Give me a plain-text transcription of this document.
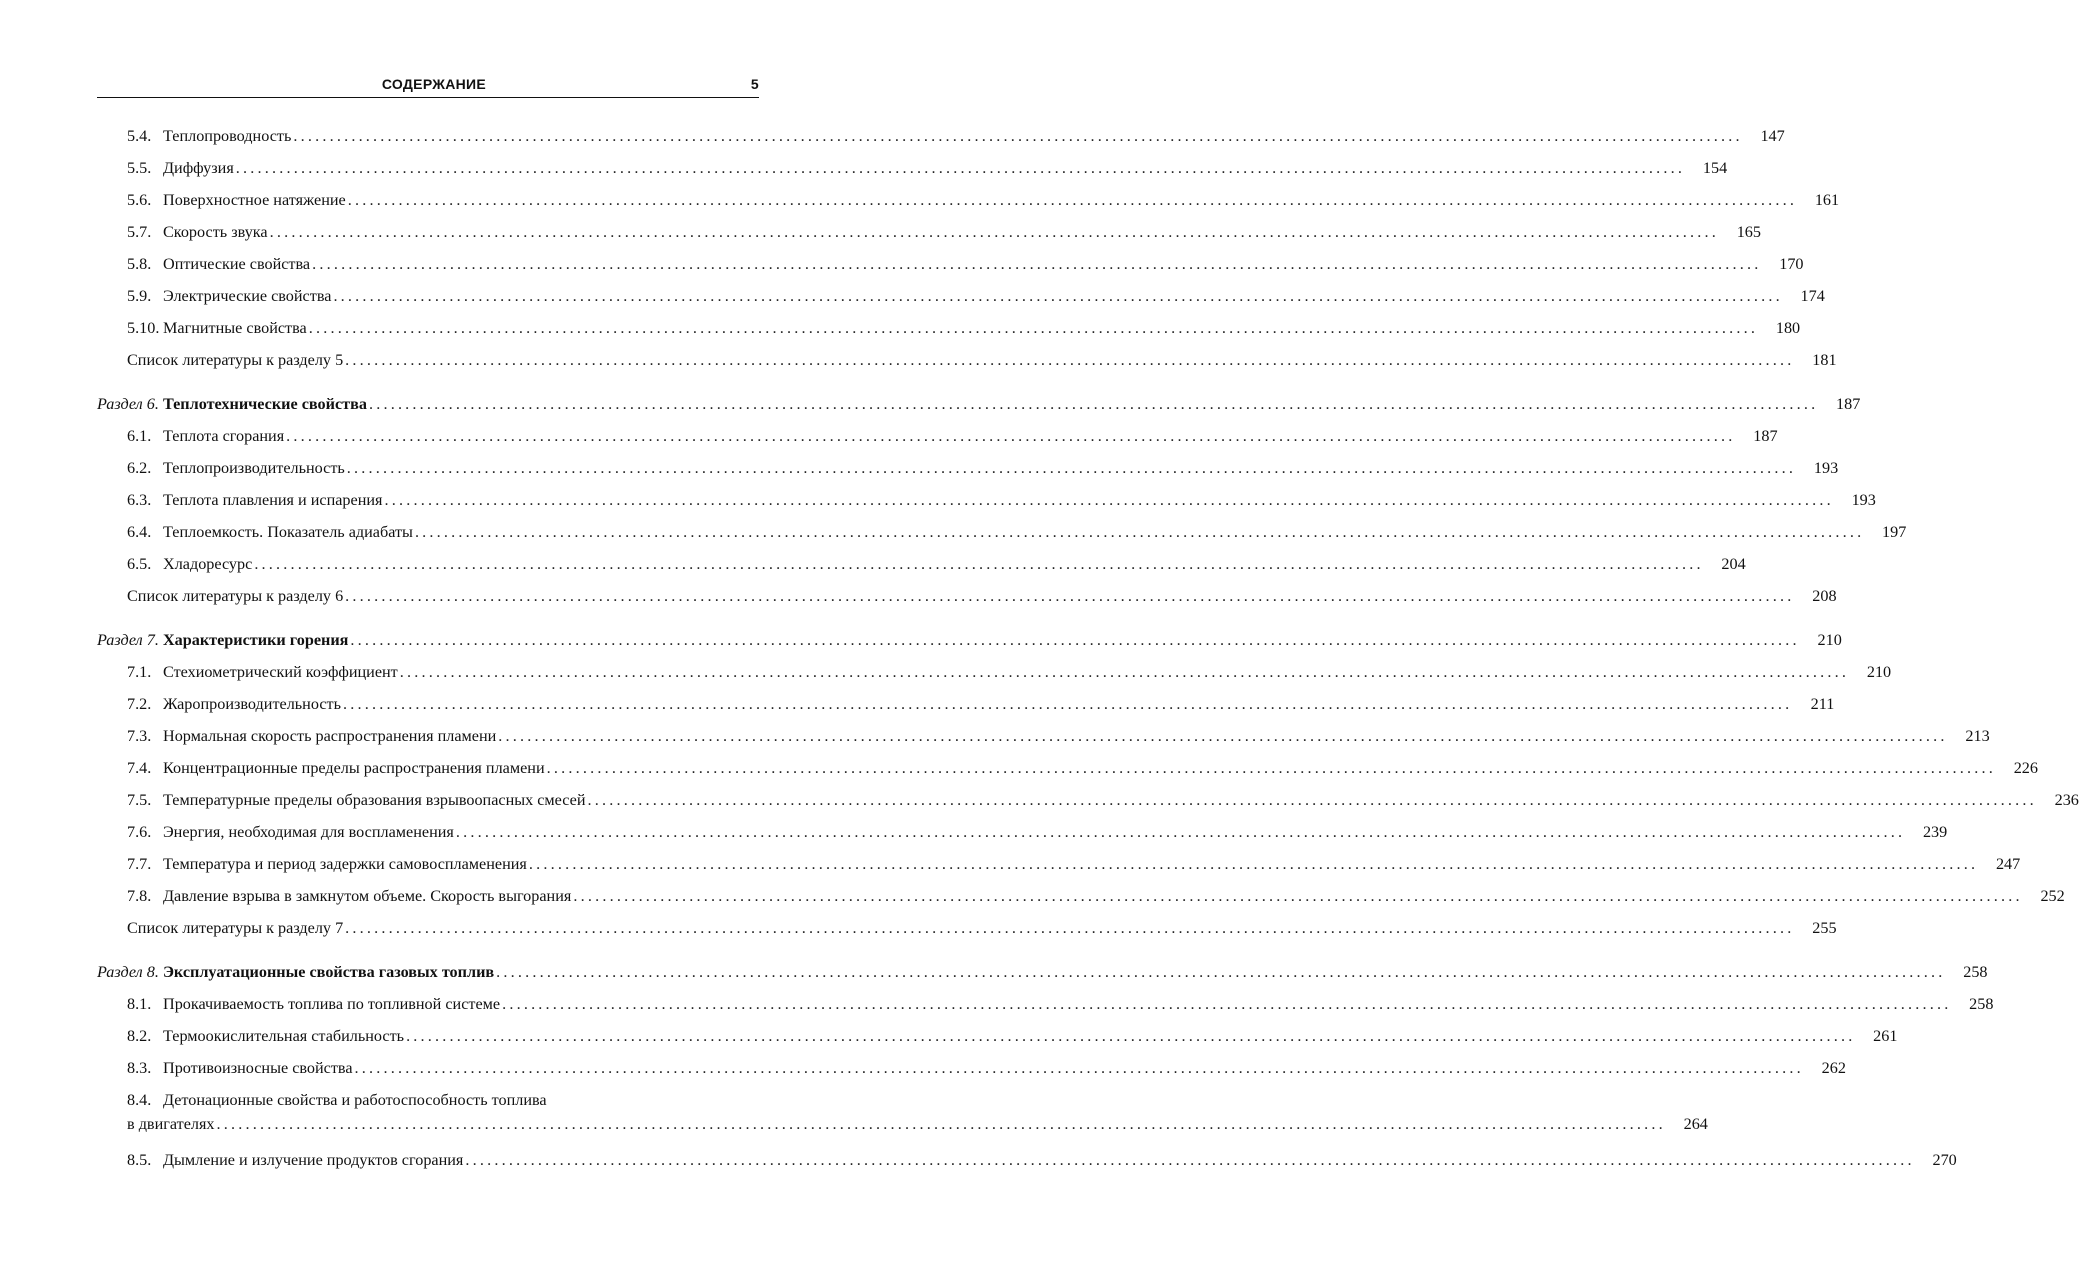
СОДЕРЖАНИЕ	5
5.4. Теплопроводность ........................................................................................................................................................................................................	147
5.5. Диффузия ........................................................................................................................................................................................................	154
5.6. Поверхностное натяжение ........................................................................................................................................................................................................	161
5.7. Скорость звука ........................................................................................................................................................................................................	165
5.8. Оптические свойства ........................................................................................................................................................................................................	170
5.9. Электрические свойства ........................................................................................................................................................................................................	174
5.10. Магнитные свойства ........................................................................................................................................................................................................	180
Список литературы к разделу 5 ........................................................................................................................................................................................................	181
Раздел 6. Теплотехнические свойства ........................................................................................................................................................................................................	187
6.1. Теплота сгорания ........................................................................................................................................................................................................	187
6.2. Теплопроизводительность ........................................................................................................................................................................................................	193
6.3. Теплота плавления и испарения ........................................................................................................................................................................................................	193
6.4. Теплоемкость. Показатель адиабаты ........................................................................................................................................................................................................	197
6.5. Хладоресурс ........................................................................................................................................................................................................	204
Список литературы к разделу 6 ........................................................................................................................................................................................................	208
Раздел 7. Характеристики горения ........................................................................................................................................................................................................	210
7.1. Стехиометрический коэффициент ........................................................................................................................................................................................................	210
7.2. Жаропроизводительность ........................................................................................................................................................................................................	211
7.3. Нормальная скорость распространения пламени ........................................................................................................................................................................................................	213
7.4. Концентрационные пределы распространения пламени ........................................................................................................................................................................................................	226
7.5. Температурные пределы образования взрывоопасных смесей ........................................................................................................................................................................................................	236
7.6. Энергия, необходимая для воспламенения ........................................................................................................................................................................................................	239
7.7. Температура и период задержки самовоспламенения ........................................................................................................................................................................................................	247
7.8. Давление взрыва в замкнутом объеме. Скорость выгорания ........................................................................................................................................................................................................	252
Список литературы к разделу 7 ........................................................................................................................................................................................................	255
Раздел 8. Эксплуатационные свойства газовых топлив ........................................................................................................................................................................................................	258
8.1. Прокачиваемость топлива по топливной системе ........................................................................................................................................................................................................	258
8.2. Термоокислительная стабильность ........................................................................................................................................................................................................	261
8.3. Противоизносные свойства ........................................................................................................................................................................................................	262
8.4. Детонационные свойства и работоспособность топлива
в двигателях ........................................................................................................................................................................................................	264
8.5. Дымление и излучение продуктов сгорания ........................................................................................................................................................................................................	270
